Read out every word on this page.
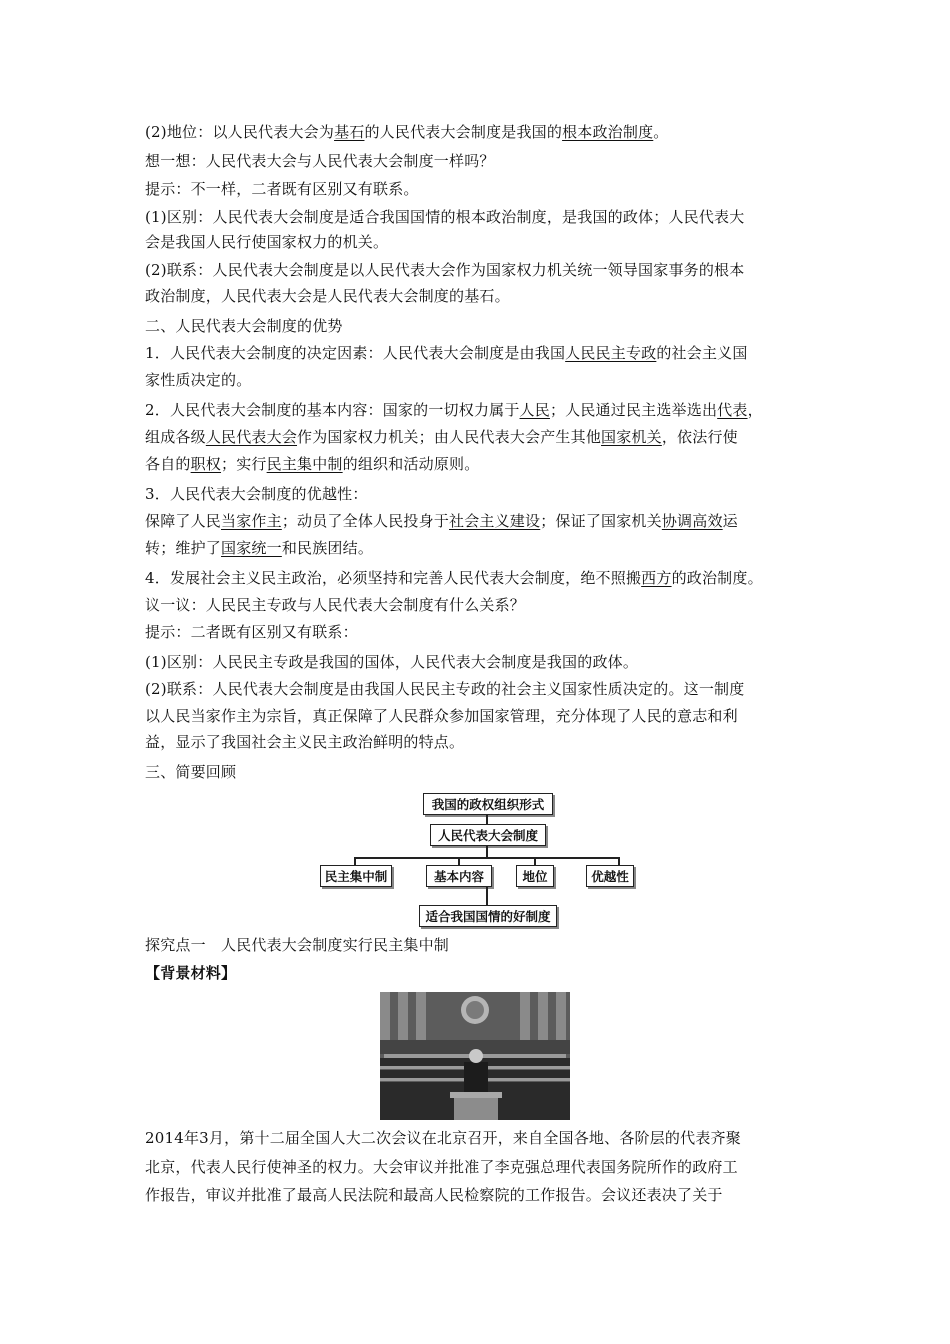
(2)地位：以人民代表大会为基石的人民代表大会制度是我国的根本政治制度。
想一想：人民代表大会与人民代表大会制度一样吗？
提示：不一样，二者既有区别又有联系。
(1)区别：人民代表大会制度是适合我国国情的根本政治制度，是我国的政体；人民代表大
会是我国人民行使国家权力的机关。
(2)联系：人民代表大会制度是以人民代表大会作为国家权力机关统一领导国家事务的根本
政治制度，人民代表大会是人民代表大会制度的基石。
二、人民代表大会制度的优势
1．人民代表大会制度的决定因素：人民代表大会制度是由我国人民民主专政的社会主义国
家性质决定的。
2．人民代表大会制度的基本内容：国家的一切权力属于人民；人民通过民主选举选出代表，
组成各级人民代表大会作为国家权力机关；由人民代表大会产生其他国家机关，依法行使
各自的职权；实行民主集中制的组织和活动原则。
3．人民代表大会制度的优越性：
保障了人民当家作主；动员了全体人民投身于社会主义建设；保证了国家机关协调高效运
转；维护了国家统一和民族团结。
4．发展社会主义民主政治，必须坚持和完善人民代表大会制度，绝不照搬西方的政治制度。
议一议：人民民主专政与人民代表大会制度有什么关系？
提示：二者既有区别又有联系：
(1)区别：人民民主专政是我国的国体，人民代表大会制度是我国的政体。
(2)联系：人民代表大会制度是由我国人民民主专政的社会主义国家性质决定的。这一制度
以人民当家作主为宗旨，真正保障了人民群众参加国家管理，充分体现了人民的意志和利
益，显示了我国社会主义民主政治鲜明的特点。
三、简要回顾
我国的政权组织形式
人民代表大会制度
民主集中制	基本内容	地位	优越性
适合我国国情的好制度
探究点一　人民代表大会制度实行民主集中制
【背景材料】
2014年3月，第十二届全国人大二次会议在北京召开，来自全国各地、各阶层的代表齐聚
北京，代表人民行使神圣的权力。大会审议并批准了李克强总理代表国务院所作的政府工
作报告，审议并批准了最高人民法院和最高人民检察院的工作报告。会议还表决了关于
